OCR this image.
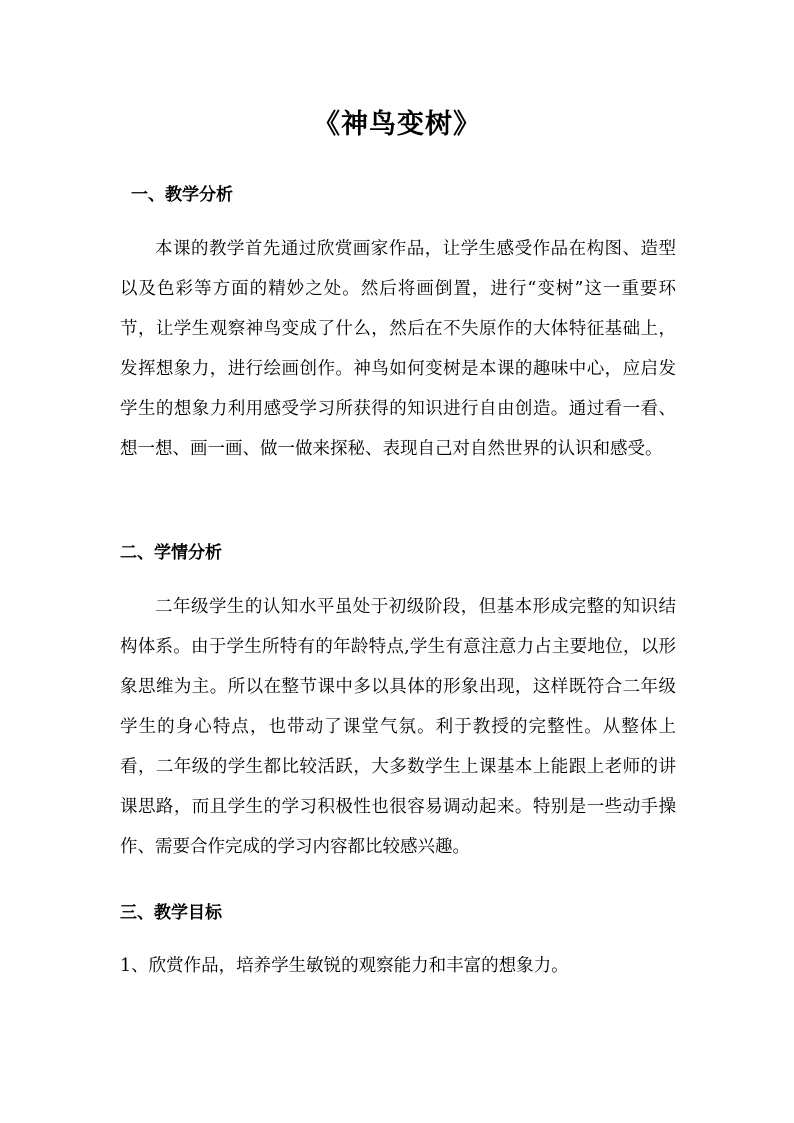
《神鸟变树》
一、教学分析
本课的教学首先通过欣赏画家作品，让学生感受作品在构图、造型以及色彩等方面的精妙之处。然后将画倒置，进行“变树”这一重要环节，让学生观察神鸟变成了什么，然后在不失原作的大体特征基础上，发挥想象力，进行绘画创作。神鸟如何变树是本课的趣味中心，应启发学生的想象力利用感受学习所获得的知识进行自由创造。通过看一看、想一想、画一画、做一做来探秘、表现自己对自然世界的认识和感受。
二、学情分析
二年级学生的认知水平虽处于初级阶段，但基本形成完整的知识结构体系。由于学生所特有的年龄特点,学生有意注意力占主要地位，以形象思维为主。所以在整节课中多以具体的形象出现，这样既符合二年级学生的身心特点，也带动了课堂气氛。利于教授的完整性。从整体上看，二年级的学生都比较活跃，大多数学生上课基本上能跟上老师的讲课思路，而且学生的学习积极性也很容易调动起来。特别是一些动手操作、需要合作完成的学习内容都比较感兴趣。
三、教学目标
1、欣赏作品，培养学生敏锐的观察能力和丰富的想象力。
